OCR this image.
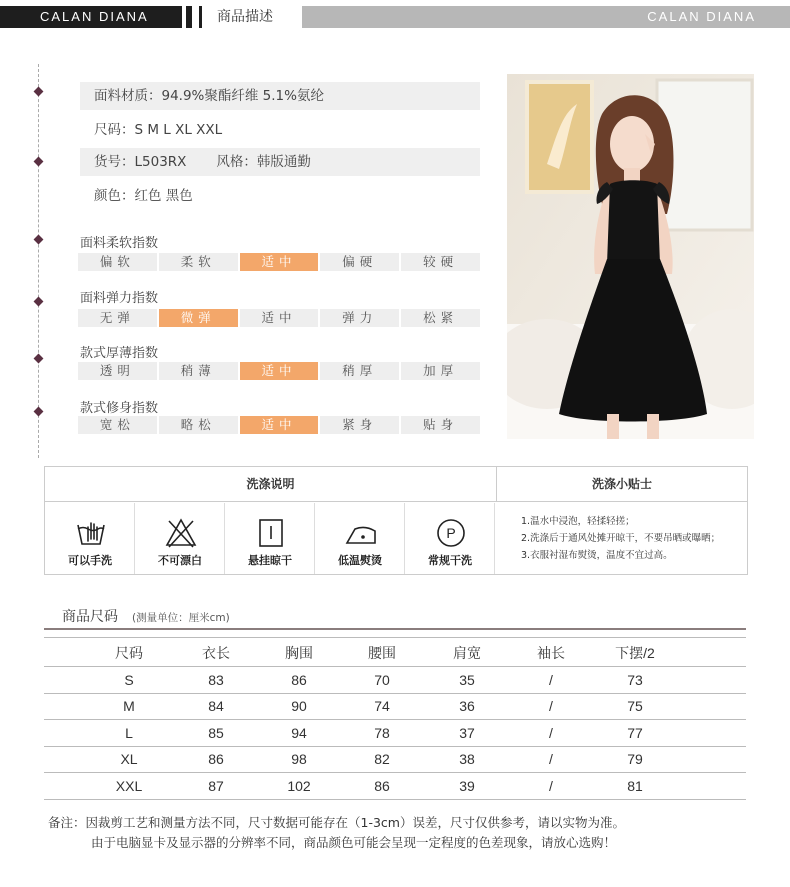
CALAN DIANA	商品描述	CALAN DIANA
面料材质：94.9%聚酯纤维 5.1%氨纶
尺码：S M L XL XXL
货号：L503RX 风格：韩版通勤
颜色：红色 黑色
面料柔软指数
偏软	柔软	适中	偏硬	较硬
面料弹力指数
无弹	微弹	适中	弹力	松紧
款式厚薄指数
透明	稍薄	适中	稍厚	加厚
款式修身指数
宽松	略松	适中	紧身	贴身
洗涤说明	洗涤小贴士
可以手洗	不可漂白	悬挂晾干	低温熨烫
P
常规干洗
1.温水中浸泡，轻揉轻搓；
2.洗涤后于通风处摊开晾干，不要吊晒或曝晒；
3.衣服衬湿布熨烫，温度不宜过高。
商品尺码 (测量单位：厘米cm)
尺码	衣长	胸围	腰围	肩宽	袖长	下摆/2
S	83	86	70	35	/	73
M	84	90	74	36	/	75
L	85	94	78	37	/	77
XL	86	98	82	38	/	79
XXL	87	102	86	39	/	81
备注：因裁剪工艺和测量方法不同，尺寸数据可能存在（1-3cm）误差，尺寸仅供参考，请以实物为准。
由于电脑显卡及显示器的分辨率不同，商品颜色可能会呈现一定程度的色差现象，请放心选购！
